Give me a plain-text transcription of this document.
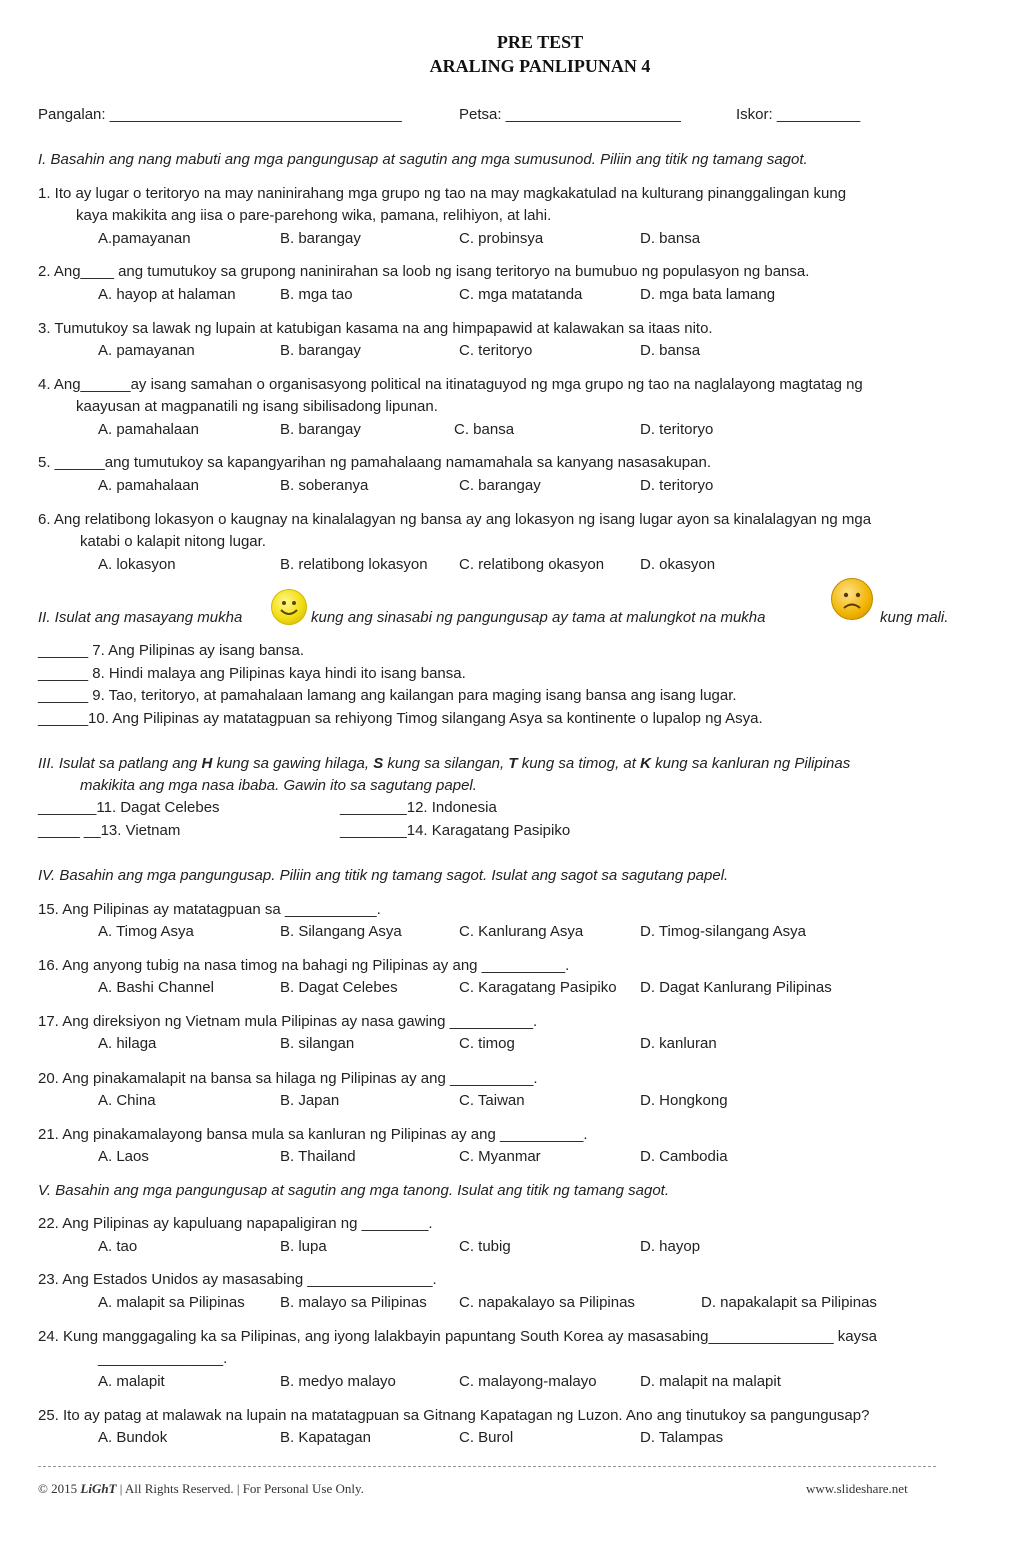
PRE TEST
ARALING PANLIPUNAN 4
Pangalan: ___________________________________	Petsa: _____________________	Iskor: __________
I. Basahin ang nang mabuti ang mga pangungusap at sagutin ang mga sumusunod. Piliin ang titik ng tamang sagot.
1. Ito ay lugar o teritoryo na may naninirahang mga grupo ng tao na may magkakatulad na kulturang pinanggalingan kung
kaya makikita ang iisa o pare-parehong wika, pamana, relihiyon, at lahi.
A.pamayanan	B. barangay	C. probinsya	D. bansa
2. Ang____ ang tumutukoy sa grupong naninirahan sa loob ng isang teritoryo na bumubuo ng populasyon ng bansa.
A. hayop at halaman	B. mga tao	C. mga matatanda	D. mga bata lamang
3. Tumutukoy sa lawak ng lupain at katubigan kasama na ang himpapawid at kalawakan sa itaas nito.
A. pamayanan	B. barangay	C. teritoryo	D. bansa
4. Ang______ay isang samahan o organisasyong political na itinataguyod ng mga grupo ng tao na naglalayong magtatag ng
kaayusan at magpanatili ng isang sibilisadong lipunan.
A. pamahalaan	B. barangay	C. bansa	D. teritoryo
5. ______ang tumutukoy sa kapangyarihan ng pamahalaang namamahala sa kanyang nasasakupan.
A. pamahalaan	B. soberanya	C. barangay	D. teritoryo
6. Ang relatibong lokasyon o kaugnay na kinalalagyan ng bansa ay ang lokasyon ng isang lugar ayon sa kinalalagyan ng mga
katabi o kalapit nitong lugar.
A. lokasyon	B. relatibong lokasyon C. relatibong okasyon D. okasyon
II. Isulat ang masayang mukha	kung ang sinasabi ng pangungusap ay tama at malungkot na mukha	kung mali.
______ 7. Ang Pilipinas ay isang bansa.
______ 8. Hindi malaya ang Pilipinas kaya hindi ito isang bansa.
______ 9. Tao, teritoryo, at pamahalaan lamang ang kailangan para maging isang bansa ang isang lugar.
______10. Ang Pilipinas ay matatagpuan sa rehiyong Timog silangang Asya sa kontinente o lupalop ng Asya.
III. Isulat sa patlang ang H kung sa gawing hilaga, S kung sa silangan, T kung sa timog, at K kung sa kanluran ng Pilipinas
makikita ang mga nasa ibaba. Gawin ito sa sagutang papel.
_______11. Dagat Celebes	________12. Indonesia
_____ __13. Vietnam	________14. Karagatang Pasipiko
IV. Basahin ang mga pangungusap. Piliin ang titik ng tamang sagot. Isulat ang sagot sa sagutang papel.
15. Ang Pilipinas ay matatagpuan sa ___________.
A. Timog Asya	B. Silangang Asya	C. Kanlurang Asya	D. Timog-silangang Asya
16. Ang anyong tubig na nasa timog na bahagi ng Pilipinas ay ang __________.
A. Bashi Channel	B. Dagat Celebes	C. Karagatang Pasipiko D. Dagat Kanlurang Pilipinas
17. Ang direksiyon ng Vietnam mula Pilipinas ay nasa gawing __________.
A. hilaga	B. silangan	C. timog	D. kanluran
20. Ang pinakamalapit na bansa sa hilaga ng Pilipinas ay ang __________.
A. China	B. Japan	C. Taiwan	D. Hongkong
21. Ang pinakamalayong bansa mula sa kanluran ng Pilipinas ay ang __________.
A. Laos	B. Thailand	C. Myanmar	D. Cambodia
V. Basahin ang mga pangungusap at sagutin ang mga tanong. Isulat ang titik ng tamang sagot.
22. Ang Pilipinas ay kapuluang napapaligiran ng ________.
A. tao	B. lupa	C. tubig	D. hayop
23. Ang Estados Unidos ay masasabing _______________.
A. malapit sa Pilipinas B. malayo sa Pilipinas C. napakalayo sa Pilipinas	D. napakalapit sa Pilipinas
24. Kung manggagaling ka sa Pilipinas, ang iyong lalakbayin papuntang South Korea ay masasabing_______________ kaysa
_______________.
A. malapit	B. medyo malayo	C. malayong-malayo	D. malapit na malapit
25. Ito ay patag at malawak na lupain na matatagpuan sa Gitnang Kapatagan ng Luzon. Ano ang tinutukoy sa pangungusap?
A. Bundok	B. Kapatagan	C. Burol	D. Talampas
© 2015 LiGhT | All Rights Reserved. | For Personal Use Only.	www.slideshare.net
